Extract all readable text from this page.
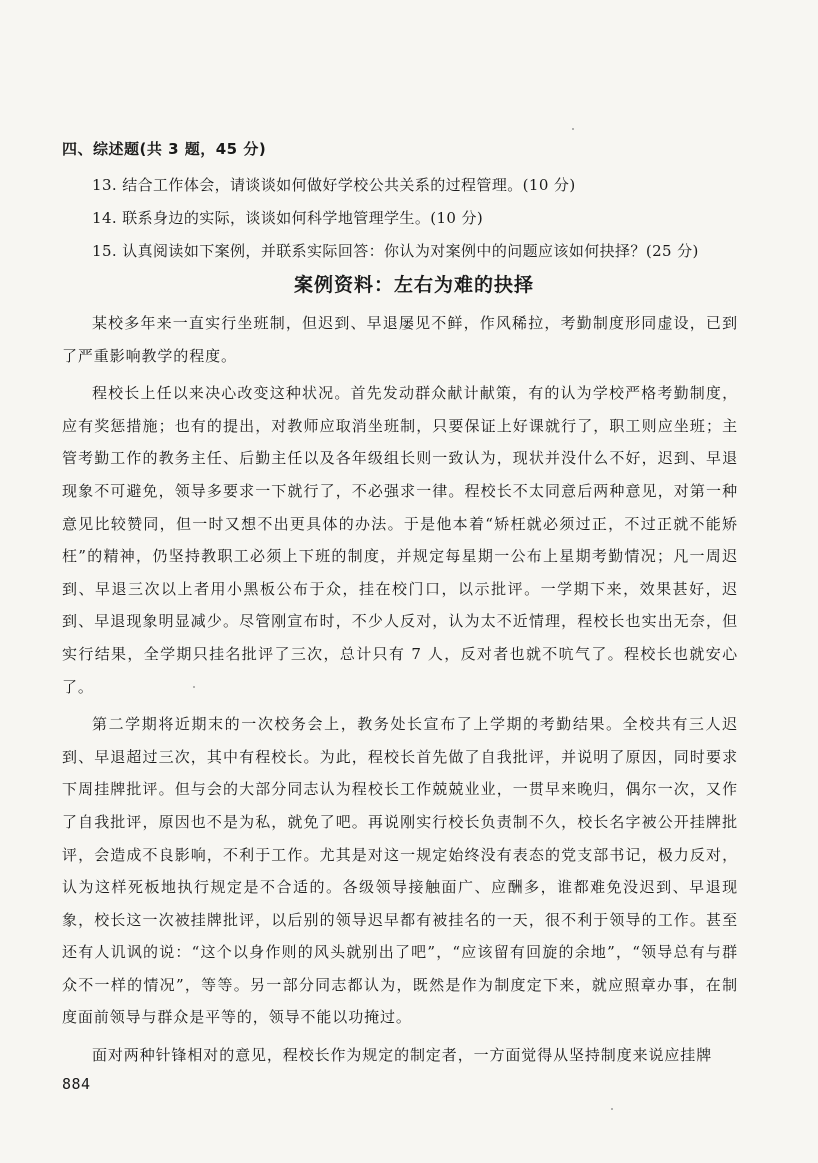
四、综述题(共 3 题，45 分)
13. 结合工作体会，请谈谈如何做好学校公共关系的过程管理。(10 分)
14. 联系身边的实际，谈谈如何科学地管理学生。(10 分)
15. 认真阅读如下案例，并联系实际回答：你认为对案例中的问题应该如何抉择？(25 分)
案例资料：左右为难的抉择

某校多年来一直实行坐班制，但迟到、早退屡见不鲜，作风稀拉，考勤制度形同虚设，已到了严重影响教学的程度。

程校长上任以来决心改变这种状况。首先发动群众献计献策，有的认为学校严格考勤制度，应有奖惩措施；也有的提出，对教师应取消坐班制，只要保证上好课就行了，职工则应坐班；主管考勤工作的教务主任、后勤主任以及各年级组长则一致认为，现状并没什么不好，迟到、早退现象不可避免，领导多要求一下就行了，不必强求一律。程校长不太同意后两种意见，对第一种意见比较赞同，但一时又想不出更具体的办法。于是他本着“矫枉就必须过正，不过正就不能矫枉”的精神，仍坚持教职工必须上下班的制度，并规定每星期一公布上星期考勤情况；凡一周迟到、早退三次以上者用小黑板公布于众，挂在校门口，以示批评。一学期下来，效果甚好，迟到、早退现象明显减少。尽管刚宣布时，不少人反对，认为太不近情理，程校长也实出无奈，但实行结果，全学期只挂名批评了三次，总计只有 7 人，反对者也就不吭气了。程校长也就安心了。

第二学期将近期末的一次校务会上，教务处长宣布了上学期的考勤结果。全校共有三人迟到、早退超过三次，其中有程校长。为此，程校长首先做了自我批评，并说明了原因，同时要求下周挂牌批评。但与会的大部分同志认为程校长工作兢兢业业，一贯早来晚归，偶尔一次，又作了自我批评，原因也不是为私，就免了吧。再说刚实行校长负责制不久，校长名字被公开挂牌批评，会造成不良影响，不利于工作。尤其是对这一规定始终没有表态的党支部书记，极力反对，认为这样死板地执行规定是不合适的。各级领导接触面广、应酬多，谁都难免没迟到、早退现象，校长这一次被挂牌批评，以后别的领导迟早都有被挂名的一天，很不利于领导的工作。甚至还有人讥讽的说：“这个以身作则的风头就别出了吧”，“应该留有回旋的余地”，“领导总有与群众不一样的情况”，等等。另一部分同志都认为，既然是作为制度定下来，就应照章办事，在制度面前领导与群众是平等的，领导不能以功掩过。

面对两种针锋相对的意见，程校长作为规定的制定者，一方面觉得从坚持制度来说应挂牌

884
